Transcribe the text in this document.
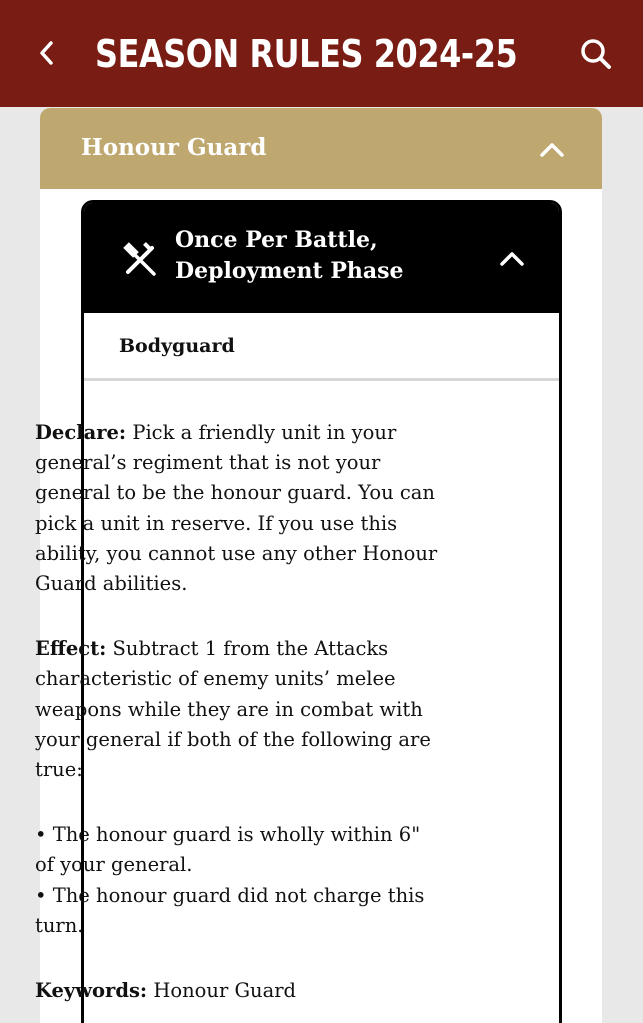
SEASON RULES 2024-25
Honour Guard
Once Per Battle,
Deployment Phase
Bodyguard

Declare: Pick a friendly unit in your general’s regiment that is not your general to be the honour guard. You can pick a unit in reserve. If you use this ability, you cannot use any other Honour Guard abilities.

Effect: Subtract 1 from the Attacks characteristic of enemy units’ melee weapons while they are in combat with your general if both of the following are true:

• The honour guard is wholly within 6" of your general.

• The honour guard did not charge this turn.

Keywords: Honour Guard
